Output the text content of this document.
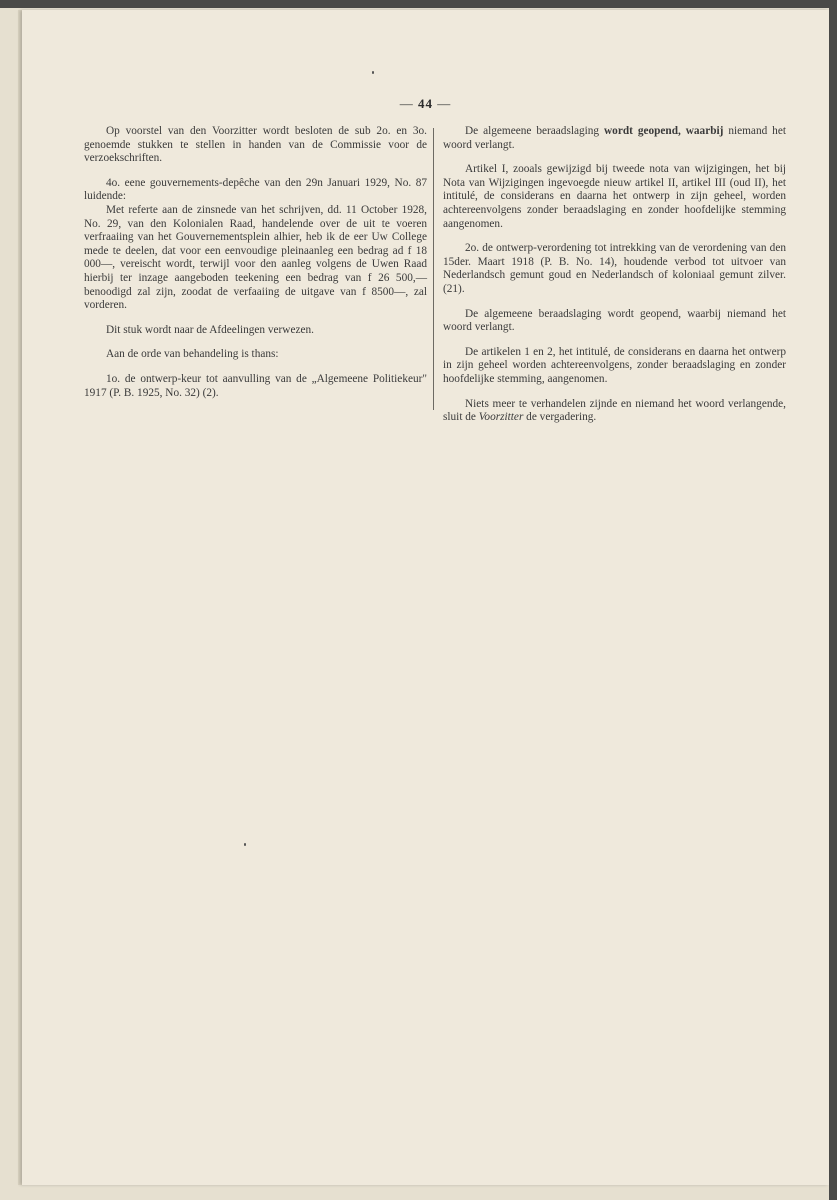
— 44 —

Op voorstel van den Voorzitter wordt besloten de sub 2o. en 3o. genoemde stukken te stellen in handen van de Commissie voor de verzoekschriften.

4o. eene gouvernements-depêche van den 29n Januari 1929, No. 87 luidende:

Met referte aan de zinsnede van het schrijven, dd. 11 October 1928, No. 29, van den Kolonialen Raad, handelende over de uit te voeren verfraaiing van het Gouvernementsplein alhier, heb ik de eer Uw College mede te deelen, dat voor een eenvoudige pleinaanleg een bedrag ad f 18 000—, vereischt wordt, terwijl voor den aanleg volgens de Uwen Raad hierbij ter inzage aangeboden teekening een bedrag van f 26 500,— benoodigd zal zijn, zoodat de verfaaiing de uitgave van f 8500—, zal vorderen.

Dit stuk wordt naar de Afdeelingen verwezen.

Aan de orde van behandeling is thans:

1o. de ontwerp-keur tot aanvulling van de „Algemeene Politiekeur" 1917 (P. B. 1925, No. 32) (2).

De algemeene beraadslaging wordt geopend, waarbij niemand het woord verlangt.

Artikel I, zooals gewijzigd bij tweede nota van wijzigingen, het bij Nota van Wijzigingen ingevoegde nieuw artikel II, artikel III (oud II), het intitulé, de considerans en daarna het ontwerp in zijn geheel, worden achtereenvolgens zonder beraadslaging en zonder hoofdelijke stemming aangenomen.

2o. de ontwerp-verordening tot intrekking van de verordening van den 15der. Maart 1918 (P. B. No. 14), houdende verbod tot uitvoer van Nederlandsch gemunt goud en Nederlandsch of koloniaal gemunt zilver. (21).

De algemeene beraadslaging wordt geopend, waarbij niemand het woord verlangt.

De artikelen 1 en 2, het intitulé, de considerans en daarna het ontwerp in zijn geheel worden achtereenvolgens, zonder beraadslaging en zonder hoofdelijke stemming, aangenomen.

Niets meer te verhandelen zijnde en niemand het woord verlangende, sluit de Voorzitter de vergadering.
